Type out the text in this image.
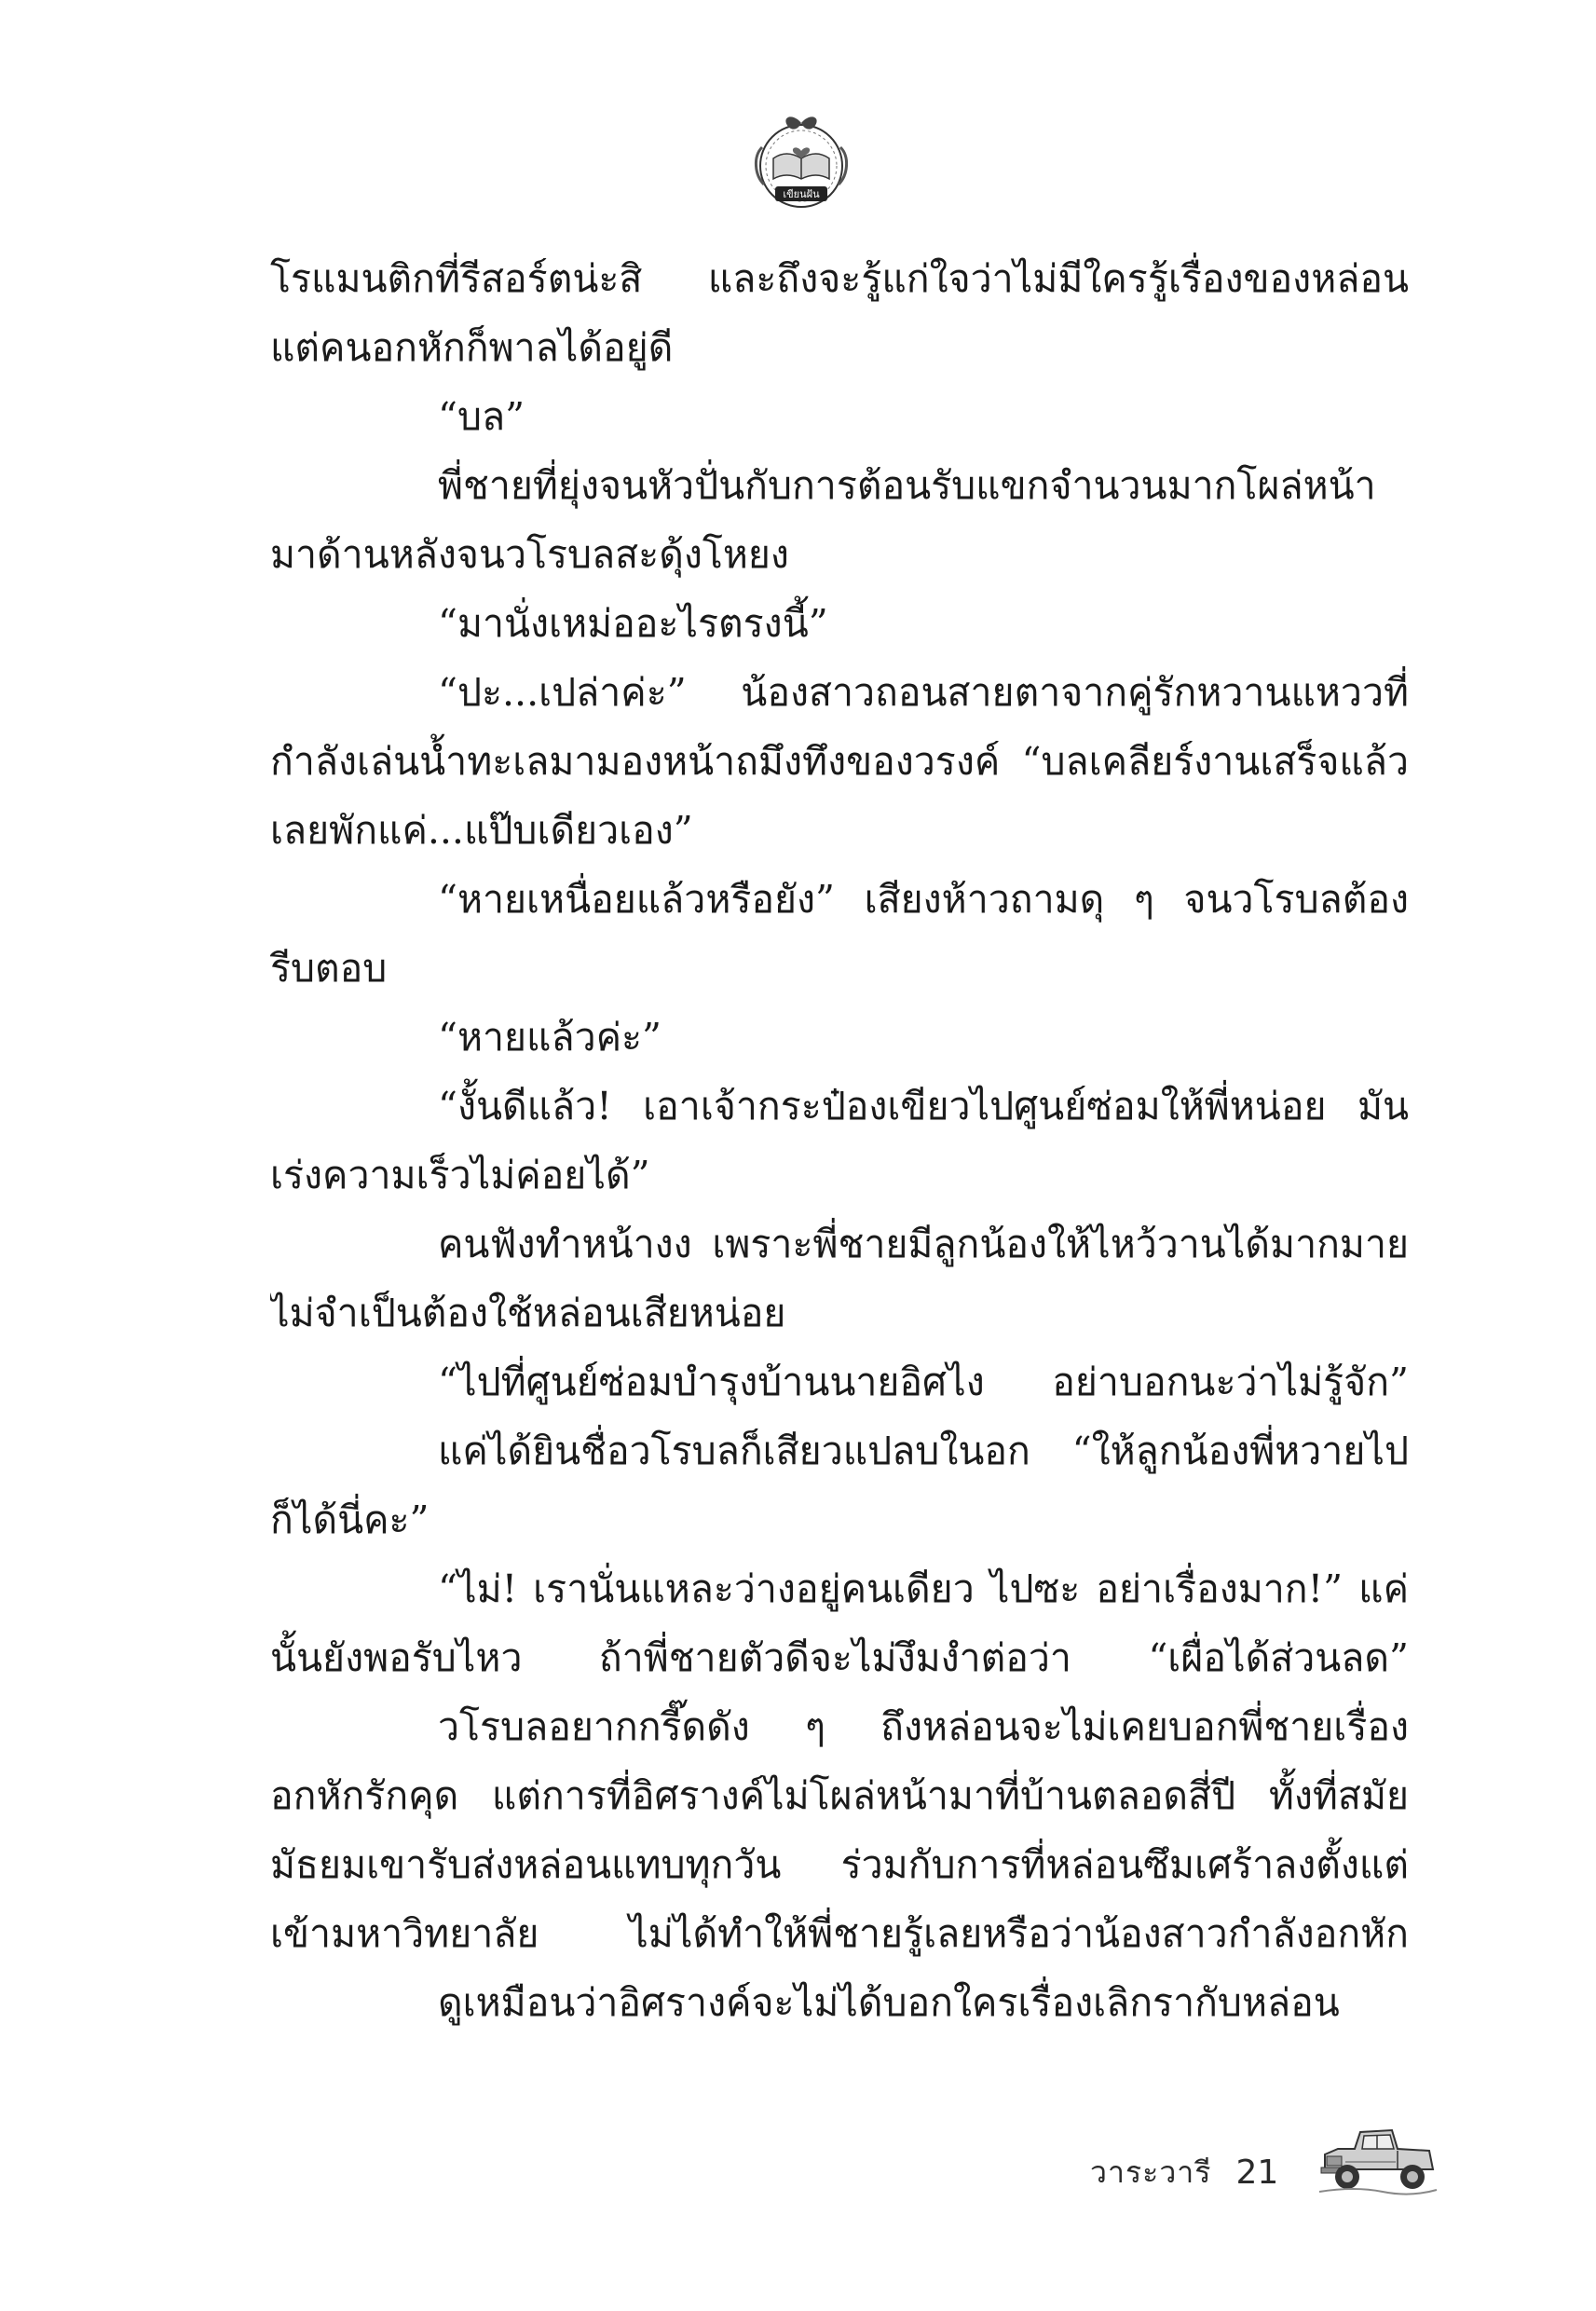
เขียนฝัน
โรแมนติกที่รีสอร์ตน่ะสิ และถึงจะรู้แก่ใจว่าไม่มีใครรู้เรื่องของหล่อน
แต่คนอกหักก็พาลได้อยู่ดี
“บล”
พี่ชายที่ยุ่งจนหัวปั่นกับการต้อนรับแขกจำนวนมากโผล่หน้า
มาด้านหลังจนวโรบลสะดุ้งโหยง
“มานั่งเหม่ออะไรตรงนี้”
“ปะ...เปล่าค่ะ” น้องสาวถอนสายตาจากคู่รักหวานแหววที่
กำลังเล่นน้ำทะเลมามองหน้าถมึงทึงของวรงค์ “บลเคลียร์งานเสร็จแล้ว
เลยพักแค่...แป๊บเดียวเอง”
“หายเหนื่อยแล้วหรือยัง” เสียงห้าวถามดุ ๆ จนวโรบลต้อง
รีบตอบ
“หายแล้วค่ะ”
“งั้นดีแล้ว! เอาเจ้ากระป๋องเขียวไปศูนย์ซ่อมให้พี่หน่อย มัน
เร่งความเร็วไม่ค่อยได้”
คนฟังทำหน้างง เพราะพี่ชายมีลูกน้องให้ไหว้วานได้มากมาย
ไม่จำเป็นต้องใช้หล่อนเสียหน่อย
“ไปที่ศูนย์ซ่อมบำรุงบ้านนายอิศไง อย่าบอกนะว่าไม่รู้จัก”
แค่ได้ยินชื่อวโรบลก็เสียวแปลบในอก “ให้ลูกน้องพี่หวายไป
ก็ได้นี่คะ”
“ไม่! เรานั่นแหละว่างอยู่คนเดียว ไปซะ อย่าเรื่องมาก!” แค่
นั้นยังพอรับไหว ถ้าพี่ชายตัวดีจะไม่งึมงำต่อว่า “เผื่อได้ส่วนลด”
วโรบลอยากกรี๊ดดัง ๆ ถึงหล่อนจะไม่เคยบอกพี่ชายเรื่อง
อกหักรักคุด แต่การที่อิศรางค์ไม่โผล่หน้ามาที่บ้านตลอดสี่ปี ทั้งที่สมัย
มัธยมเขารับส่งหล่อนแทบทุกวัน ร่วมกับการที่หล่อนซึมเศร้าลงตั้งแต่
เข้ามหาวิทยาลัย ไม่ได้ทำให้พี่ชายรู้เลยหรือว่าน้องสาวกำลังอกหัก
ดูเหมือนว่าอิศรางค์จะไม่ได้บอกใครเรื่องเลิกรากับหล่อน
วาระวารี 21
